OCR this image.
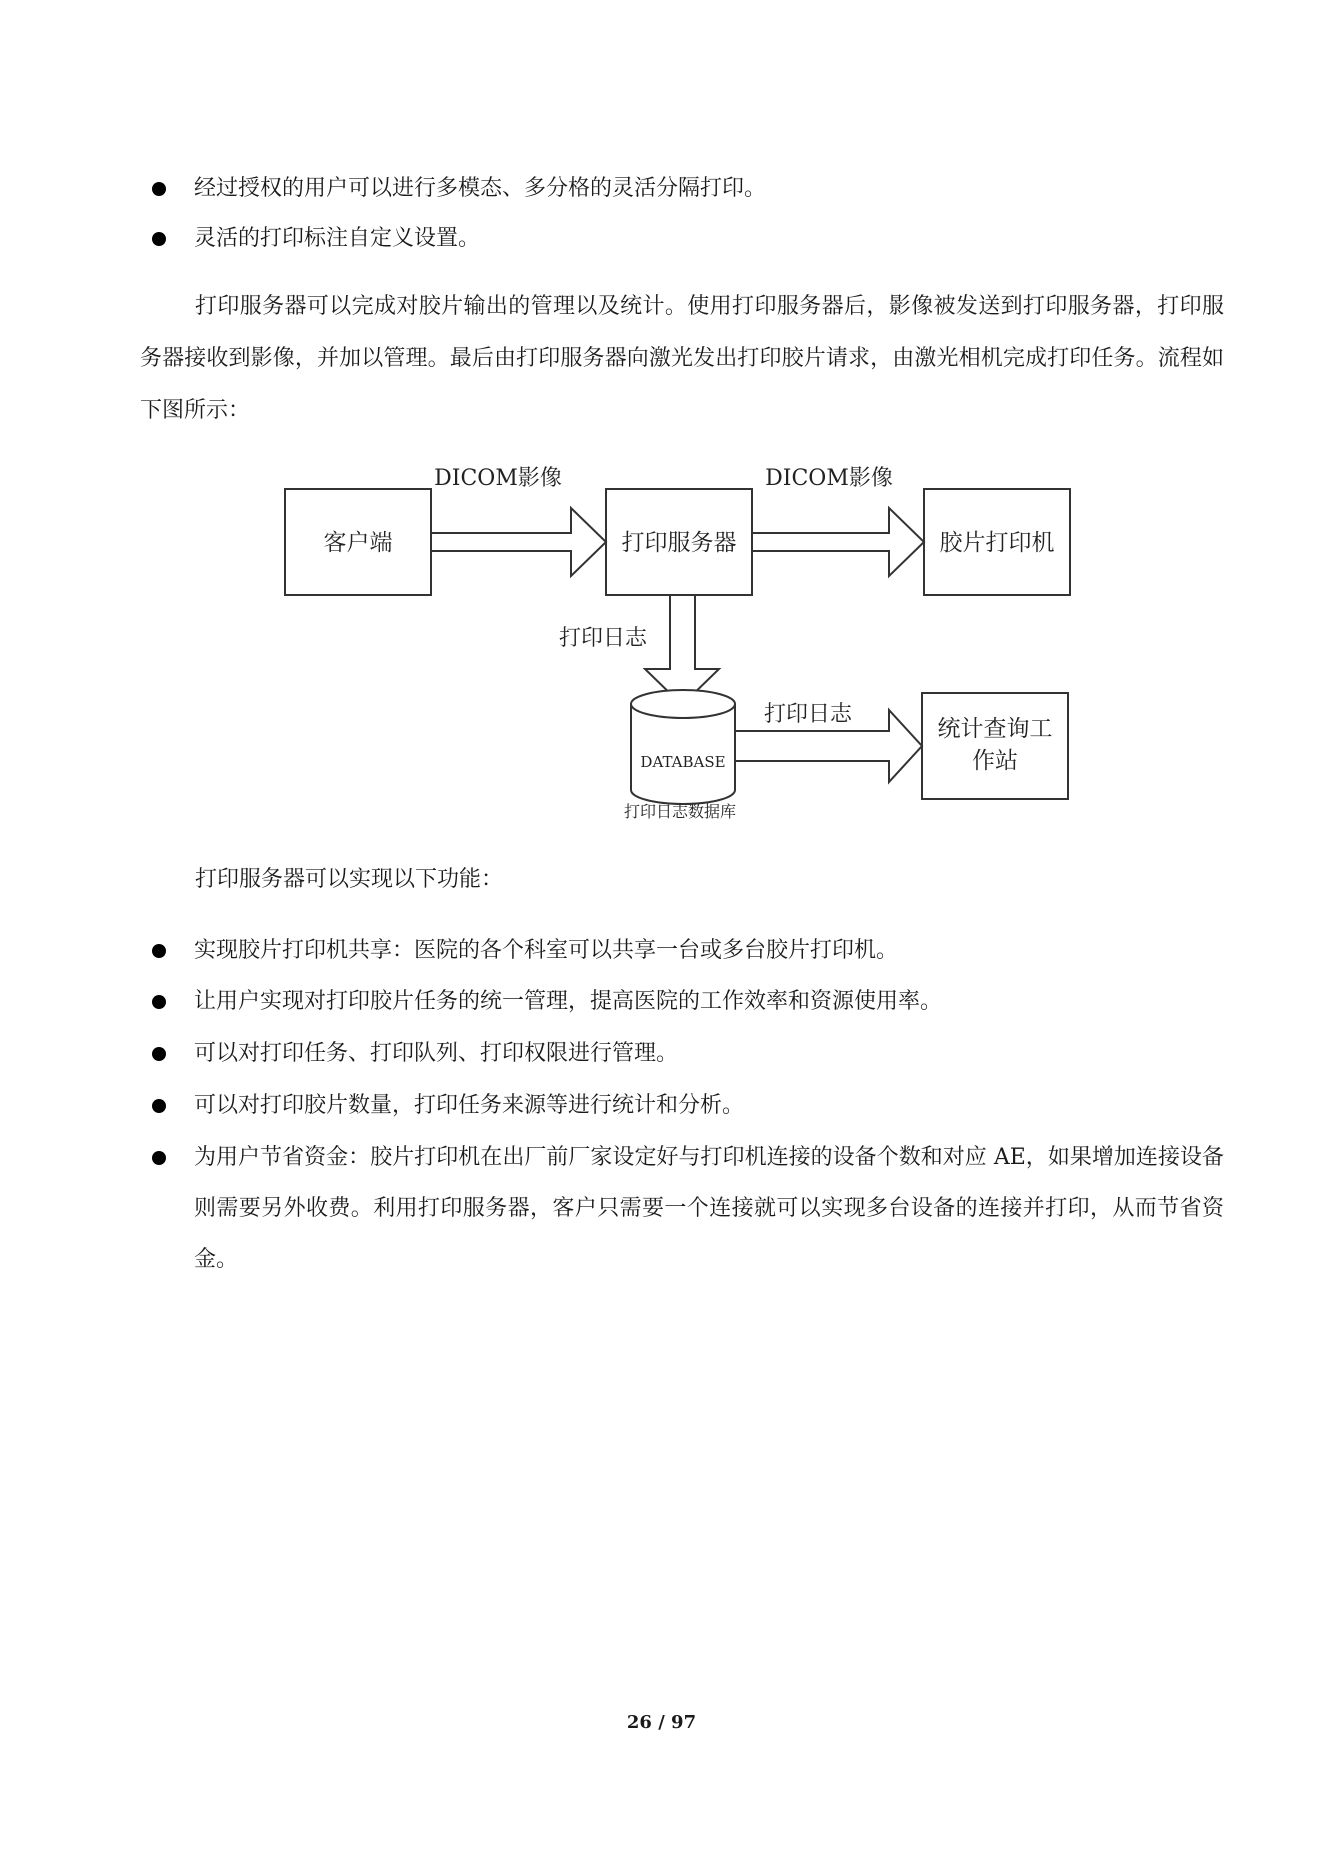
经过授权的用户可以进行多模态、多分格的灵活分隔打印。
灵活的打印标注自定义设置。
打印服务器可以完成对胶片输出的管理以及统计。使用打印服务器后，影像被发送到打印服务器，打印服务器接收到影像，并加以管理。最后由打印服务器向激光发出打印胶片请求，由激光相机完成打印任务。流程如下图所示：
客户端	打印服务器	胶片打印机
统计查询工
作站
DICOM影像	DICOM影像
打印日志
打印日志
DATABASE
打印日志数据库
打印服务器可以实现以下功能：
实现胶片打印机共享：医院的各个科室可以共享一台或多台胶片打印机。
让用户实现对打印胶片任务的统一管理，提高医院的工作效率和资源使用率。
可以对打印任务、打印队列、打印权限进行管理。
可以对打印胶片数量，打印任务来源等进行统计和分析。
为用户节省资金：胶片打印机在出厂前厂家设定好与打印机连接的设备个数和对应 AE，如果增加连接设备则需要另外收费。利用打印服务器，客户只需要一个连接就可以实现多台设备的连接并打印，从而节省资金。
26 / 97
